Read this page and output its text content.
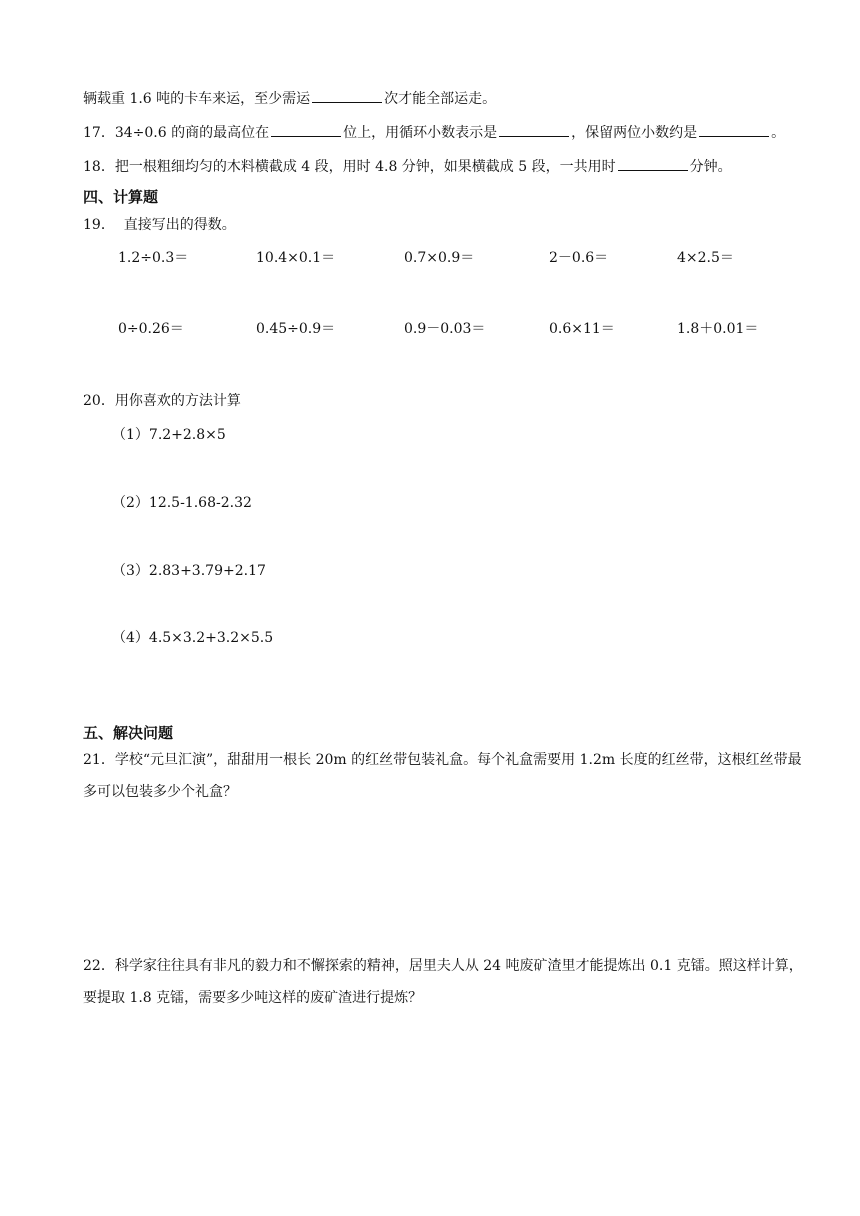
辆载重 1.6 吨的卡车来运，至少需运	次才能全部运走。
17．34÷0.6 的商的最高位在	位上，用循环小数表示是	，保留两位小数约是	。
18．把一根粗细均匀的木料横截成 4 段，用时 4.8 分钟，如果横截成 5 段，一共用时	分钟。
四、计算题
19． 直接写出的得数。
1.2÷0.3＝	10.4×0.1＝	0.7×0.9＝	2－0.6＝	4×2.5＝
0÷0.26＝	0.45÷0.9＝	0.9－0.03＝	0.6×11＝	1.8＋0.01＝
20．用你喜欢的方法计算
（1）7.2+2.8×5
（2）12.5-1.68-2.32
（3）2.83+3.79+2.17
（4）4.5×3.2+3.2×5.5
五、解决问题
21．学校“元旦汇演”，甜甜用一根长 20m 的红丝带包装礼盒。每个礼盒需要用 1.2m 长度的红丝带，这根红丝带最多可以包装多少个礼盒？
22．科学家往往具有非凡的毅力和不懈探索的精神，居里夫人从 24 吨废矿渣里才能提炼出 0.1 克镭。照这样计算，要提取 1.8 克镭，需要多少吨这样的废矿渣进行提炼？
